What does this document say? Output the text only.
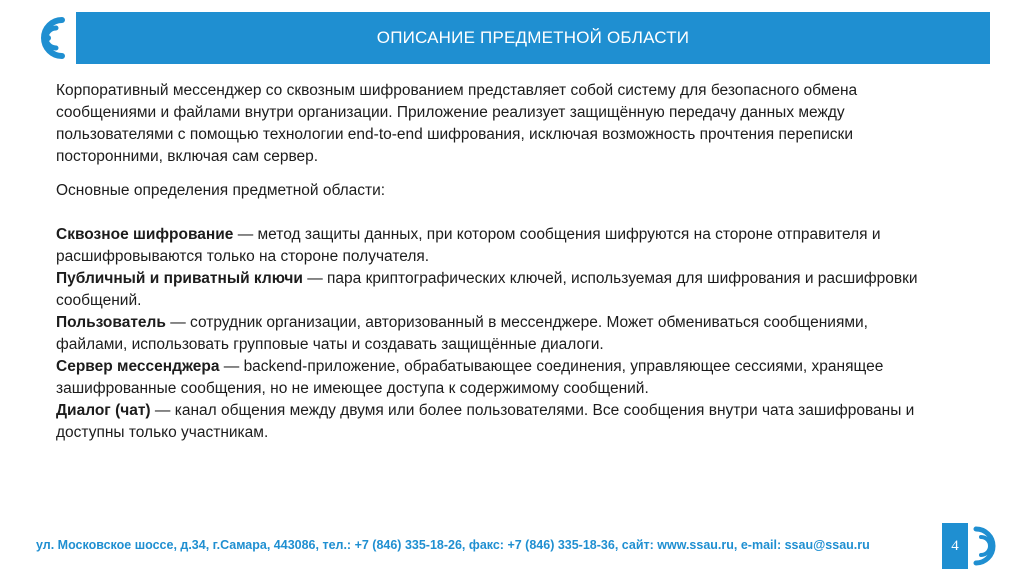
ОПИСАНИЕ ПРЕДМЕТНОЙ ОБЛАСТИ

Корпоративный мессенджер со сквозным шифрованием представляет собой систему для безопасного обмена сообщениями и файлами внутри организации. Приложение реализует защищённую передачу данных между пользователями с помощью технологии end-to-end шифрования, исключая возможность прочтения переписки посторонними, включая сам сервер.

Основные определения предметной области:

Сквозное шифрование — метод защиты данных, при котором сообщения шифруются на стороне отправителя и расшифровываются только на стороне получателя.

Публичный и приватный ключи — пара криптографических ключей, используемая для шифрования и расшифровки сообщений.

Пользователь — сотрудник организации, авторизованный в мессенджере. Может обмениваться сообщениями, файлами, использовать групповые чаты и создавать защищённые диалоги.

Сервер мессенджера — backend-приложение, обрабатывающее соединения, управляющее сессиями, хранящее зашифрованные сообщения, но не имеющее доступа к содержимому сообщений.

Диалог (чат) — канал общения между двумя или более пользователями. Все сообщения внутри чата зашифрованы и доступны только участникам.

ул. Московское шоссе, д.34, г.Самара, 443086, тел.: +7 (846) 335-18-26, факс: +7 (846) 335-18-36, сайт: www.ssau.ru, e-mail: ssau@ssau.ru	4
